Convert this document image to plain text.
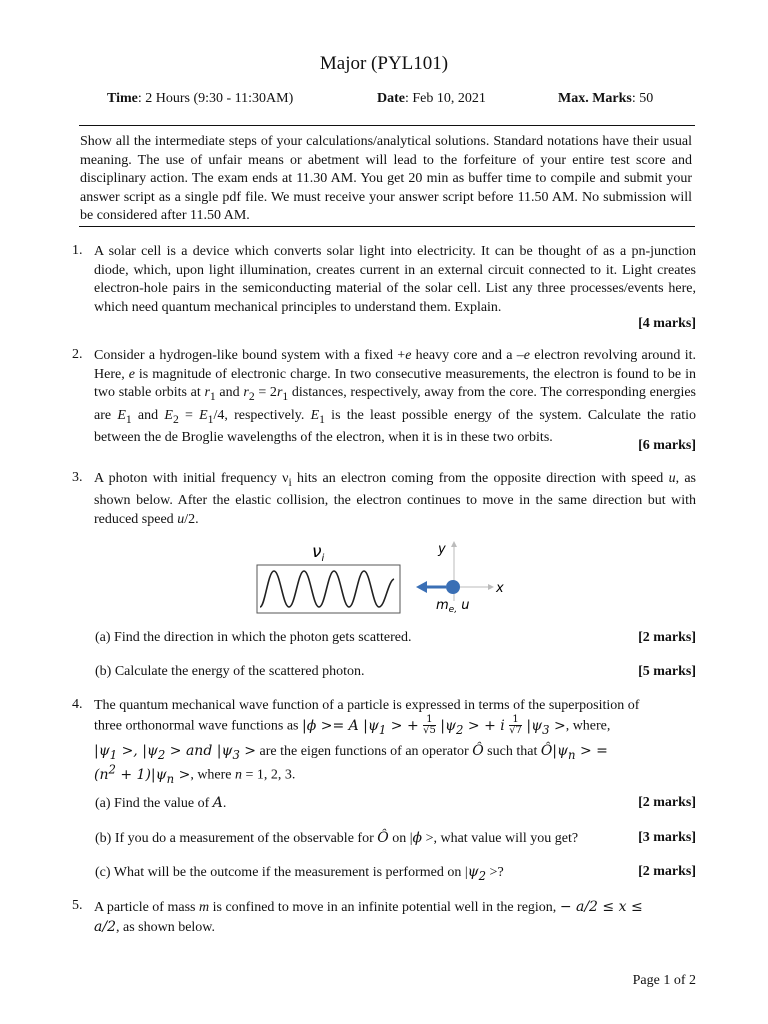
Major (PYL101)
Time: 2 Hours (9:30 - 11:30AM)	Date: Feb 10, 2021	Max. Marks: 50
Show all the intermediate steps of your calculations/analytical solutions. Standard notations have their usual meaning. The use of unfair means or abetment will lead to the forfeiture of your entire test score and disciplinary action. The exam ends at 11.30 AM. You get 20 min as buffer time to compile and submit your answer script as a single pdf file. We must receive your answer script before 11.50 AM. No submission will be considered after 11.50 AM.
1. A solar cell is a device which converts solar light into electricity. It can be thought of as a pn-junction diode, which, upon light illumination, creates current in an external circuit connected to it. Light creates electron-hole pairs in the semiconducting material of the solar cell. List any three processes/events here, which need quantum mechanical principles to understand them. Explain.
[4 marks]
2. Consider a hydrogen-like bound system with a fixed +e heavy core and a –e electron revolving around it. Here, e is magnitude of electronic charge. In two consecutive measurements, the electron is found to be in two stable orbits at $r_1$ and $r_2 = 2r_1$ distances, respectively, away from the core. The corresponding energies are $E_1$ and $E_2 = E_1/4$, respectively. $E_1$ is the least possible energy of the system. Calculate the ratio between the de Broglie wavelengths of the electron, when it is in these two orbits.
[6 marks]
3. A photon with initial frequency $\nu_i$ hits an electron coming from the opposite direction with speed u, as shown below. After the elastic collision, the electron continues to move in the same direction but with reduced speed u/2.
$\nu_i$
y
x
$m_{e,}$ u
(a) Find the direction in which the photon gets scattered.	[2 marks]
(b) Calculate the energy of the scattered photon.	[5 marks]
4. The quantum mechanical wave function of a particle is expressed in terms of the superposition of
three orthonormal wave functions as |ϕ >= A $|\psi_1$ > + $\frac{1}{√5} |\psi_2$ > + i $\frac{1}{√7} |\psi_3$ >, where,
$|\psi_1$ >, $|\psi_2$ > and $|\psi_3$ > are the eigen functions of an operator Ô such that $Ô|\psi_n$ > =
$(n^2 + 1)|\psi_n$ >, where n = 1, 2, 3.
(a) Find the value of A.	[2 marks]
(b) If you do a measurement of the observable for Ô on |ϕ >, what value will you get?	[3 marks]
(c) What will be the outcome if the measurement is performed on $|\psi_2$ >?	[2 marks]
5. A particle of mass m is confined to move in an infinite potential well in the region, − a/2 ≤ x ≤
a/2, as shown below.
Page 1 of 2
